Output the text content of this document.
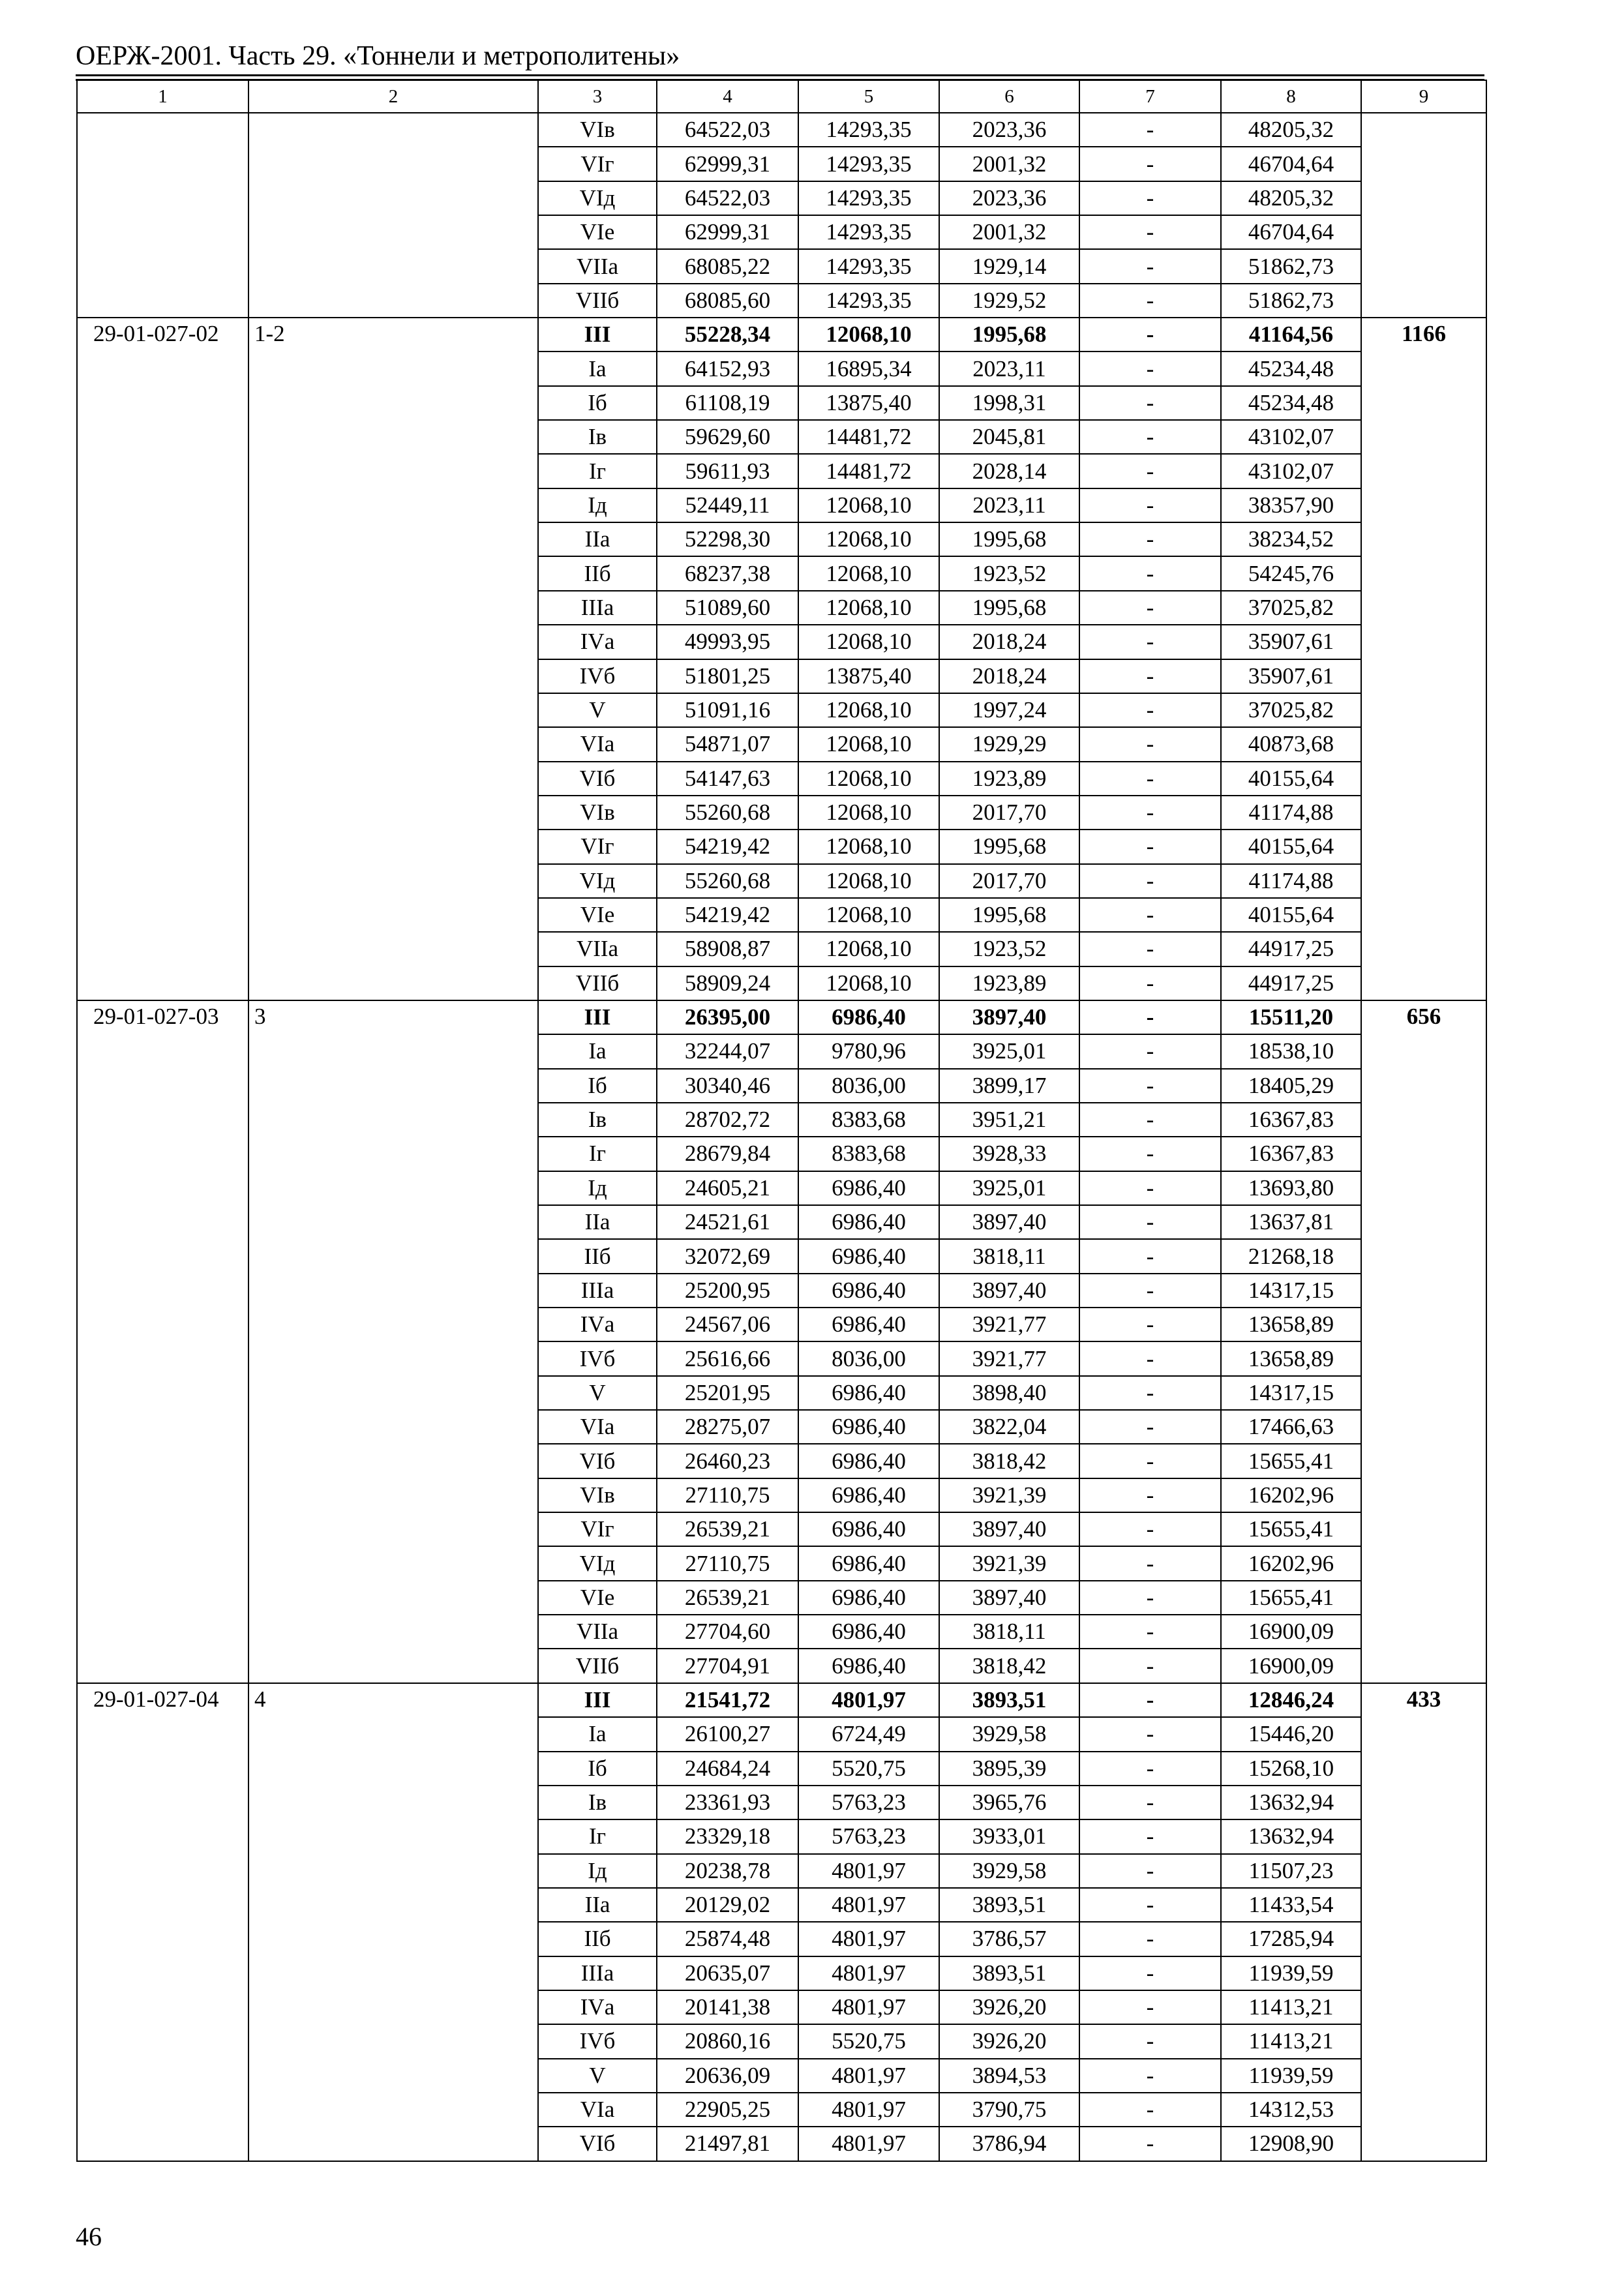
ОЕРЖ-2001. Часть 29. «Тоннели и метрополитены»
1	2	3	4	5	6	7	8	9
		VIв	64522,03	14293,35	2023,36	-	48205,32	
		VIг	62999,31	14293,35	2001,32	-	46704,64	
		VIд	64522,03	14293,35	2023,36	-	48205,32	
		VIе	62999,31	14293,35	2001,32	-	46704,64	
		VIIа	68085,22	14293,35	1929,14	-	51862,73	
		VIIб	68085,60	14293,35	1929,52	-	51862,73	
29-01-027-02	1-2	III	55228,34	12068,10	1995,68	-	41164,56	1166
		Iа	64152,93	16895,34	2023,11	-	45234,48	
		Iб	61108,19	13875,40	1998,31	-	45234,48	
		Iв	59629,60	14481,72	2045,81	-	43102,07	
		Iг	59611,93	14481,72	2028,14	-	43102,07	
		Iд	52449,11	12068,10	2023,11	-	38357,90	
		IIа	52298,30	12068,10	1995,68	-	38234,52	
		IIб	68237,38	12068,10	1923,52	-	54245,76	
		IIIа	51089,60	12068,10	1995,68	-	37025,82	
		IVа	49993,95	12068,10	2018,24	-	35907,61	
		IVб	51801,25	13875,40	2018,24	-	35907,61	
		V	51091,16	12068,10	1997,24	-	37025,82	
		VIа	54871,07	12068,10	1929,29	-	40873,68	
		VIб	54147,63	12068,10	1923,89	-	40155,64	
		VIв	55260,68	12068,10	2017,70	-	41174,88	
		VIг	54219,42	12068,10	1995,68	-	40155,64	
		VIд	55260,68	12068,10	2017,70	-	41174,88	
		VIе	54219,42	12068,10	1995,68	-	40155,64	
		VIIа	58908,87	12068,10	1923,52	-	44917,25	
		VIIб	58909,24	12068,10	1923,89	-	44917,25	
29-01-027-03	3	III	26395,00	6986,40	3897,40	-	15511,20	656
		Iа	32244,07	9780,96	3925,01	-	18538,10	
		Iб	30340,46	8036,00	3899,17	-	18405,29	
		Iв	28702,72	8383,68	3951,21	-	16367,83	
		Iг	28679,84	8383,68	3928,33	-	16367,83	
		Iд	24605,21	6986,40	3925,01	-	13693,80	
		IIа	24521,61	6986,40	3897,40	-	13637,81	
		IIб	32072,69	6986,40	3818,11	-	21268,18	
		IIIа	25200,95	6986,40	3897,40	-	14317,15	
		IVа	24567,06	6986,40	3921,77	-	13658,89	
		IVб	25616,66	8036,00	3921,77	-	13658,89	
		V	25201,95	6986,40	3898,40	-	14317,15	
		VIа	28275,07	6986,40	3822,04	-	17466,63	
		VIб	26460,23	6986,40	3818,42	-	15655,41	
		VIв	27110,75	6986,40	3921,39	-	16202,96	
		VIг	26539,21	6986,40	3897,40	-	15655,41	
		VIд	27110,75	6986,40	3921,39	-	16202,96	
		VIе	26539,21	6986,40	3897,40	-	15655,41	
		VIIа	27704,60	6986,40	3818,11	-	16900,09	
		VIIб	27704,91	6986,40	3818,42	-	16900,09	
29-01-027-04	4	III	21541,72	4801,97	3893,51	-	12846,24	433
		Iа	26100,27	6724,49	3929,58	-	15446,20	
		Iб	24684,24	5520,75	3895,39	-	15268,10	
		Iв	23361,93	5763,23	3965,76	-	13632,94	
		Iг	23329,18	5763,23	3933,01	-	13632,94	
		Iд	20238,78	4801,97	3929,58	-	11507,23	
		IIа	20129,02	4801,97	3893,51	-	11433,54	
		IIб	25874,48	4801,97	3786,57	-	17285,94	
		IIIа	20635,07	4801,97	3893,51	-	11939,59	
		IVа	20141,38	4801,97	3926,20	-	11413,21	
		IVб	20860,16	5520,75	3926,20	-	11413,21	
		V	20636,09	4801,97	3894,53	-	11939,59	
		VIа	22905,25	4801,97	3790,75	-	14312,53	
		VIб	21497,81	4801,97	3786,94	-	12908,90	
46
